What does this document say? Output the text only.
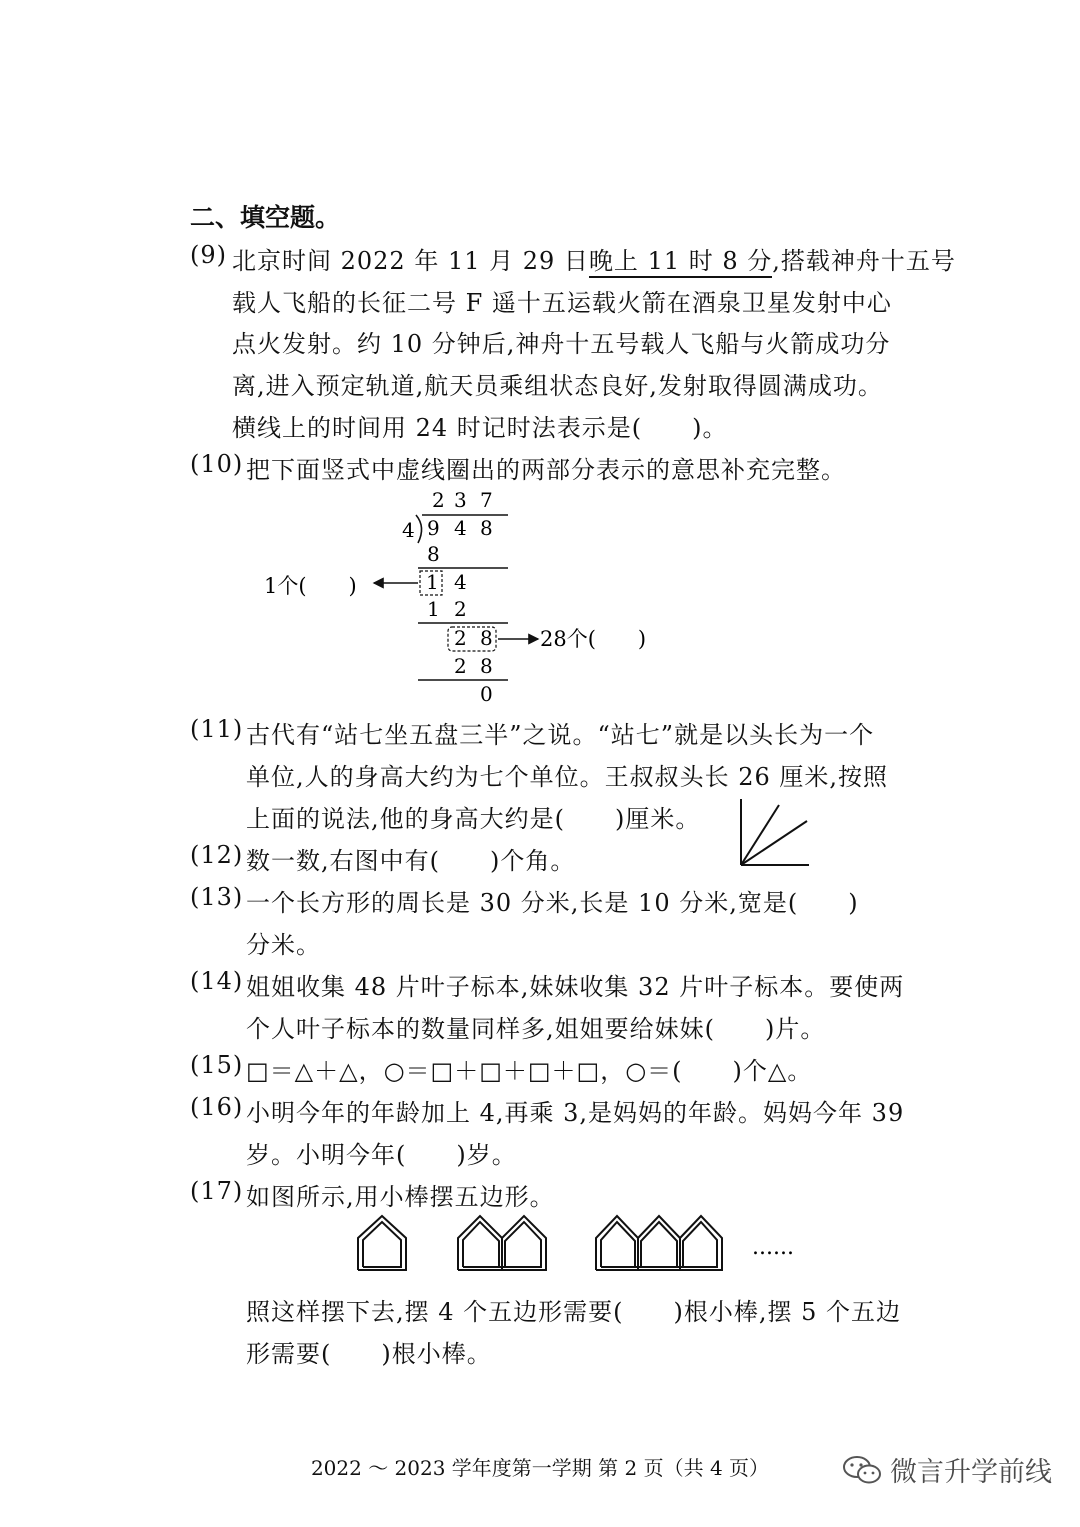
二、填空题。
(9) 北京时间 2022 年 11 月 29 日晚上 11 时 8 分,搭载神舟十五号
载人飞船的长征二号 F 遥十五运载火箭在酒泉卫星发射中心
点火发射。约 10 分钟后,神舟十五号载人飞船与火箭成功分
离,进入预定轨道,航天员乘组状态良好,发射取得圆满成功。
横线上的时间用 24 时记时法表示是(　　)。
(10) 把下面竖式中虚线圈出的两部分表示的意思补充完整。
2 3 7
4 9 4 8
8
1 4
1个(　　)
1 2
2 8 28个(　　)
2 8
0
(11) 古代有“站七坐五盘三半”之说。“站七”就是以头长为一个
单位,人的身高大约为七个单位。王叔叔头长 26 厘米,按照
上面的说法,他的身高大约是(　　)厘米。
(12) 数一数,右图中有(　　)个角。
(13) 一个长方形的周长是 30 分米,长是 10 分米,宽是(　　)
分米。
(14) 姐姐收集 48 片叶子标本,妹妹收集 32 片叶子标本。要使两
个人叶子标本的数量同样多,姐姐要给妹妹(　　)片。
(15) □＝△＋△，○＝□＋□＋□＋□，○＝(　　)个△。
(16) 小明今年的年龄加上 4,再乘 3,是妈妈的年龄。妈妈今年 39
岁。小明今年(　　)岁。
(17) 如图所示,用小棒摆五边形。
......
照这样摆下去,摆 4 个五边形需要(　　)根小棒,摆 5 个五边
形需要(　　)根小棒。
2022 ～ 2023 学年度第一学期 第 2 页（共 4 页）	微言升学前线
